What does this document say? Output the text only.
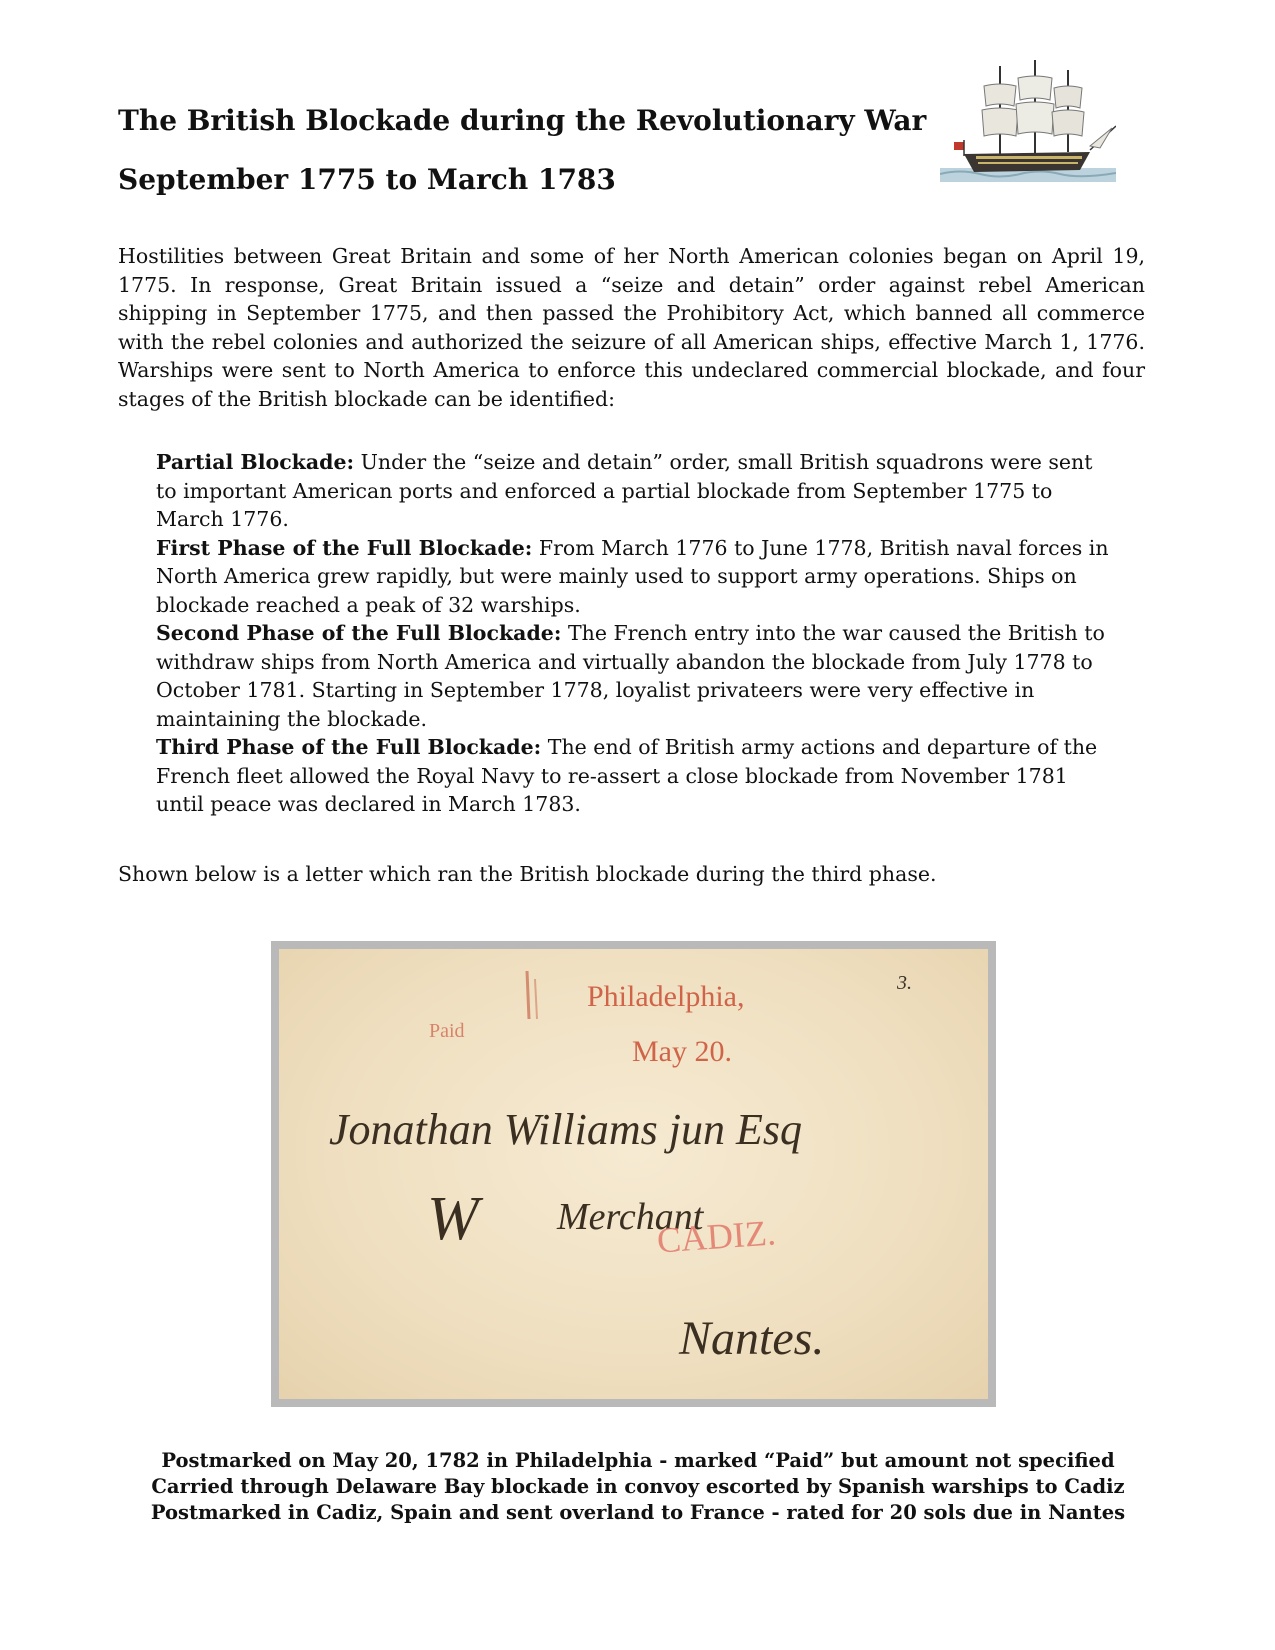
The British Blockade during the Revolutionary War
September 1775 to March 1783

Hostilities between Great Britain and some of her North American colonies began on April 19, 1775. In response, Great Britain issued a “seize and detain” order against rebel American shipping in September 1775, and then passed the Prohibitory Act, which banned all commerce with the rebel colonies and authorized the seizure of all American ships, effective March 1, 1776. Warships were sent to North America to enforce this undeclared commercial blockade, and four stages of the British blockade can be identified:

Partial Blockade: Under the “seize and detain” order, small British squadrons were sent to important American ports and enforced a partial blockade from September 1775 to March 1776.
First Phase of the Full Blockade: From March 1776 to June 1778, British naval forces in North America grew rapidly, but were mainly used to support army operations. Ships on blockade reached a peak of 32 warships.
Second Phase of the Full Blockade: The French entry into the war caused the British to withdraw ships from North America and virtually abandon the blockade from July 1778 to October 1781. Starting in September 1778, loyalist privateers were very effective in maintaining the blockade.
Third Phase of the Full Blockade: The end of British army actions and departure of the French fleet allowed the Royal Navy to re-assert a close blockade from November 1781 until peace was declared in March 1783.

Shown below is a letter which ran the British blockade during the third phase.

Philadelphia,
May 20.
Paid
3.
Jonathan Williams jun Esq
W Merchant
CADIZ.
Nantes.
Postmarked on May 20, 1782 in Philadelphia - marked “Paid” but amount not specified
Carried through Delaware Bay blockade in convoy escorted by Spanish warships to Cadiz
Postmarked in Cadiz, Spain and sent overland to France - rated for 20 sols due in Nantes
